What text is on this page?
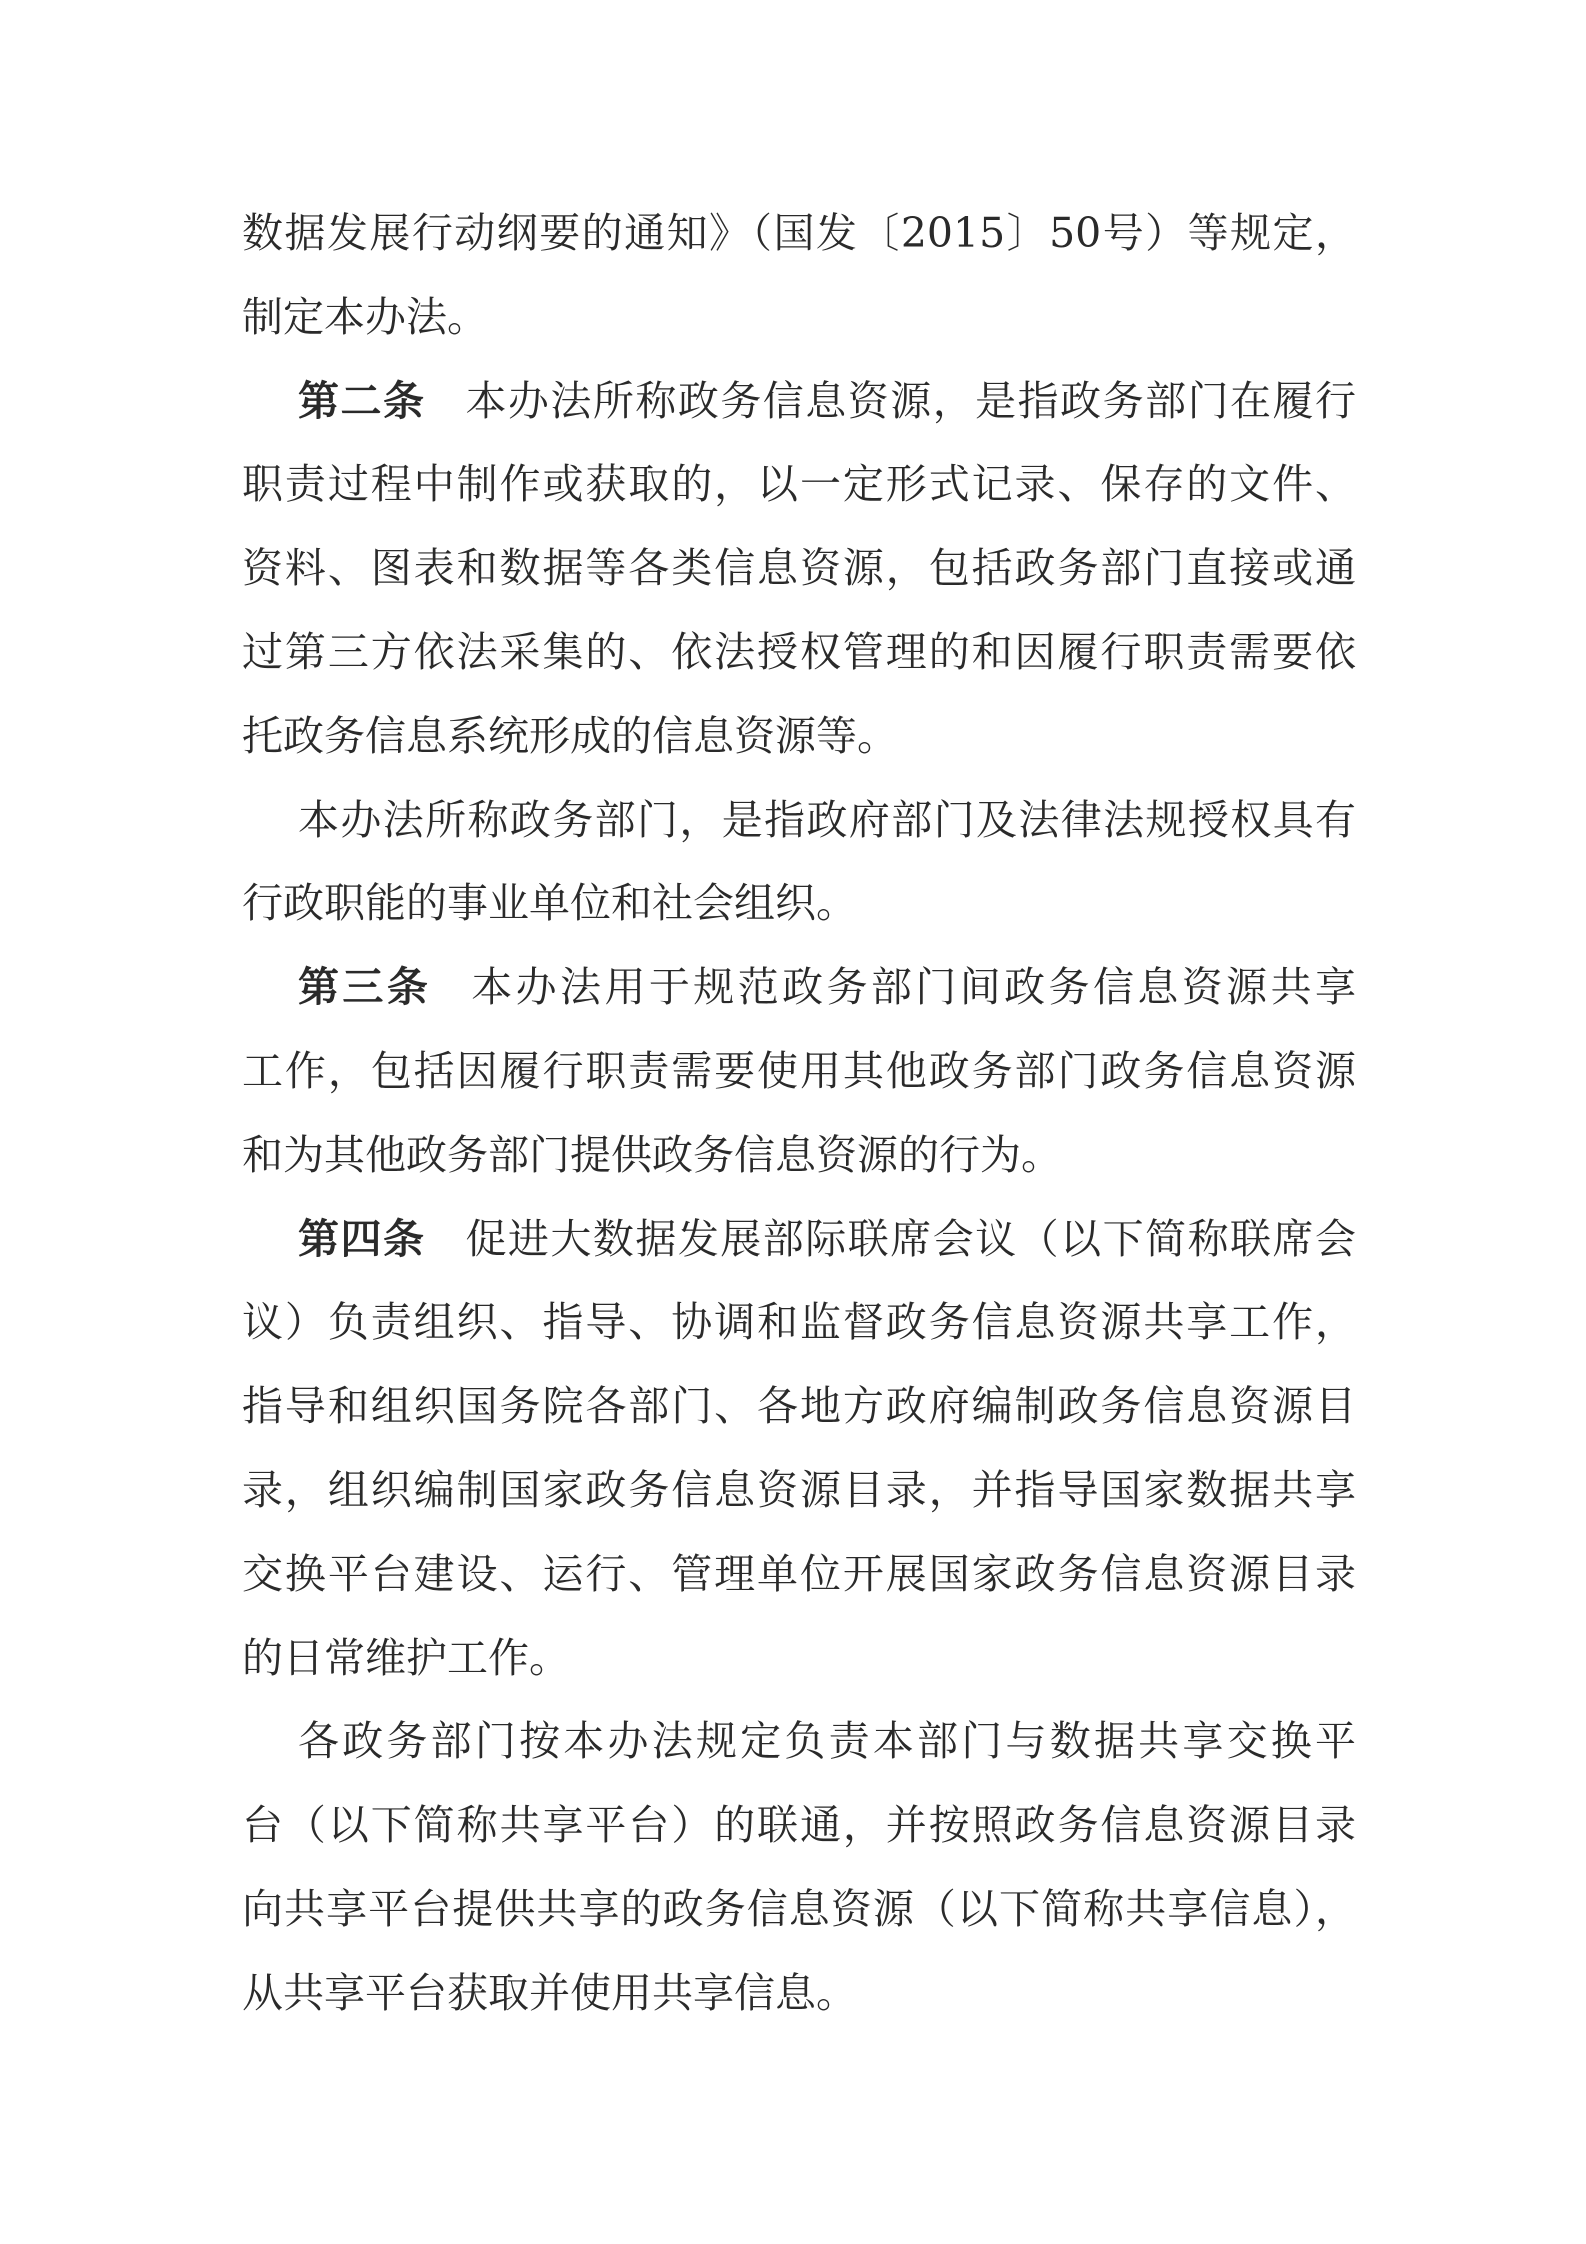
数据发展行动纲要的通知》（国发〔2015〕50号）等规定，
制定本办法。
第二条 本办法所称政务信息资源，是指政务部门在履行
职责过程中制作或获取的，以一定形式记录、保存的文件、
资料、图表和数据等各类信息资源，包括政务部门直接或通
过第三方依法采集的、依法授权管理的和因履行职责需要依
托政务信息系统形成的信息资源等。
本办法所称政务部门，是指政府部门及法律法规授权具有
行政职能的事业单位和社会组织。
第三条 本办法用于规范政务部门间政务信息资源共享
工作，包括因履行职责需要使用其他政务部门政务信息资源
和为其他政务部门提供政务信息资源的行为。
第四条 促进大数据发展部际联席会议（以下简称联席会
议）负责组织、指导、协调和监督政务信息资源共享工作，
指导和组织国务院各部门、各地方政府编制政务信息资源目
录，组织编制国家政务信息资源目录，并指导国家数据共享
交换平台建设、运行、管理单位开展国家政务信息资源目录
的日常维护工作。
各政务部门按本办法规定负责本部门与数据共享交换平
台（以下简称共享平台）的联通，并按照政务信息资源目录
向共享平台提供共享的政务信息资源（以下简称共享信息），
从共享平台获取并使用共享信息。
